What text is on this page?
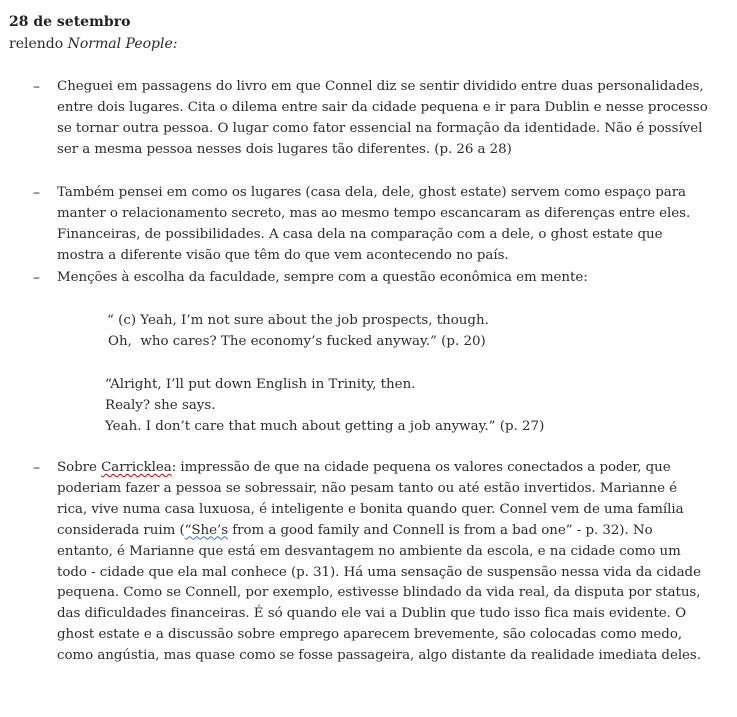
28 de setembro
relendo Normal People:
– Cheguei em passagens do livro em que Connel diz se sentir dividido entre duas personalidades, entre dois lugares. Cita o dilema entre sair da cidade pequena e ir para Dublin e nesse processo se tornar outra pessoa. O lugar como fator essencial na formação da identidade. Não é possível ser a mesma pessoa nesses dois lugares tão diferentes. (p. 26 a 28)
– Também pensei em como os lugares (casa dela, dele, ghost estate) servem como espaço para manter o relacionamento secreto, mas ao mesmo tempo escancaram as diferenças entre eles. Financeiras, de possibilidades. A casa dela na comparação com a dele, o ghost estate que mostra a diferente visão que têm do que vem acontecendo no país.
– Menções à escolha da faculdade, sempre com a questão econômica em mente:
“ (c) Yeah, I’m not sure about the job prospects, though.
Oh,  who cares? The economy’s fucked anyway.” (p. 20)
“Alright, I’ll put down English in Trinity, then.
Realy? she says.
Yeah. I don’t care that much about getting a job anyway.” (p. 27)
– Sobre Carricklea: impressão de que na cidade pequena os valores conectados a poder, que poderiam fazer a pessoa se sobressair, não pesam tanto ou até estão invertidos. Marianne é rica, vive numa casa luxuosa, é inteligente e bonita quando quer. Connel vem de uma família considerada ruim (“She’s from a good family and Connell is from a bad one” - p. 32). No entanto, é Marianne que está em desvantagem no ambiente da escola, e na cidade como um todo - cidade que ela mal conhece (p. 31). Há uma sensação de suspensão nessa vida da cidade pequena. Como se Connell, por exemplo, estivesse blindado da vida real, da disputa por status, das dificuldades financeiras. É só quando ele vai a Dublin que tudo isso fica mais evidente. O ghost estate e a discussão sobre emprego aparecem brevemente, são colocadas como medo, como angústia, mas quase como se fosse passageira, algo distante da realidade imediata deles.
